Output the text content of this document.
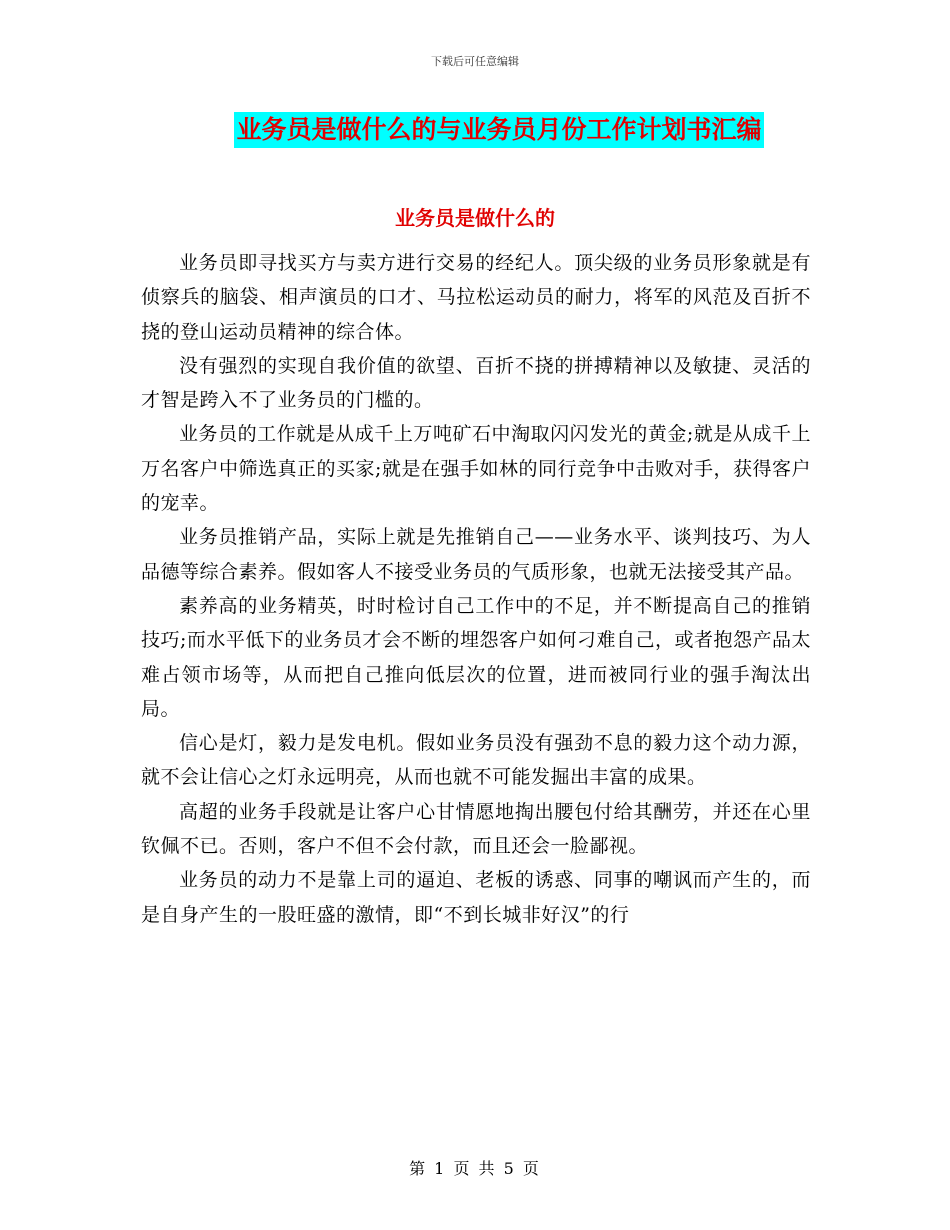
下载后可任意编辑
业务员是做什么的与业务员月份工作计划书汇编
业务员是做什么的

业务员即寻找买方与卖方进行交易的经纪人。顶尖级的业务员形象就是有侦察兵的脑袋、相声演员的口才、马拉松运动员的耐力，将军的风范及百折不挠的登山运动员精神的综合体。

没有强烈的实现自我价值的欲望、百折不挠的拼搏精神以及敏捷、灵活的才智是跨入不了业务员的门槛的。

业务员的工作就是从成千上万吨矿石中淘取闪闪发光的黄金;就是从成千上万名客户中筛选真正的买家;就是在强手如林的同行竞争中击败对手，获得客户的宠幸。

业务员推销产品，实际上就是先推销自己——业务水平、谈判技巧、为人品德等综合素养。假如客人不接受业务员的气质形象，也就无法接受其产品。

素养高的业务精英，时时检讨自己工作中的不足，并不断提高自己的推销技巧;而水平低下的业务员才会不断的埋怨客户如何刁难自己，或者抱怨产品太难占领市场等，从而把自己推向低层次的位置，进而被同行业的强手淘汰出局。

信心是灯，毅力是发电机。假如业务员没有强劲不息的毅力这个动力源，就不会让信心之灯永远明亮，从而也就不可能发掘出丰富的成果。

高超的业务手段就是让客户心甘情愿地掏出腰包付给其酬劳，并还在心里钦佩不已。否则，客户不但不会付款，而且还会一脸鄙视。

业务员的动力不是靠上司的逼迫、老板的诱惑、同事的嘲讽而产生的，而是自身产生的一股旺盛的激情，即“不到长城非好汉”的行

第 1 页 共 5 页
